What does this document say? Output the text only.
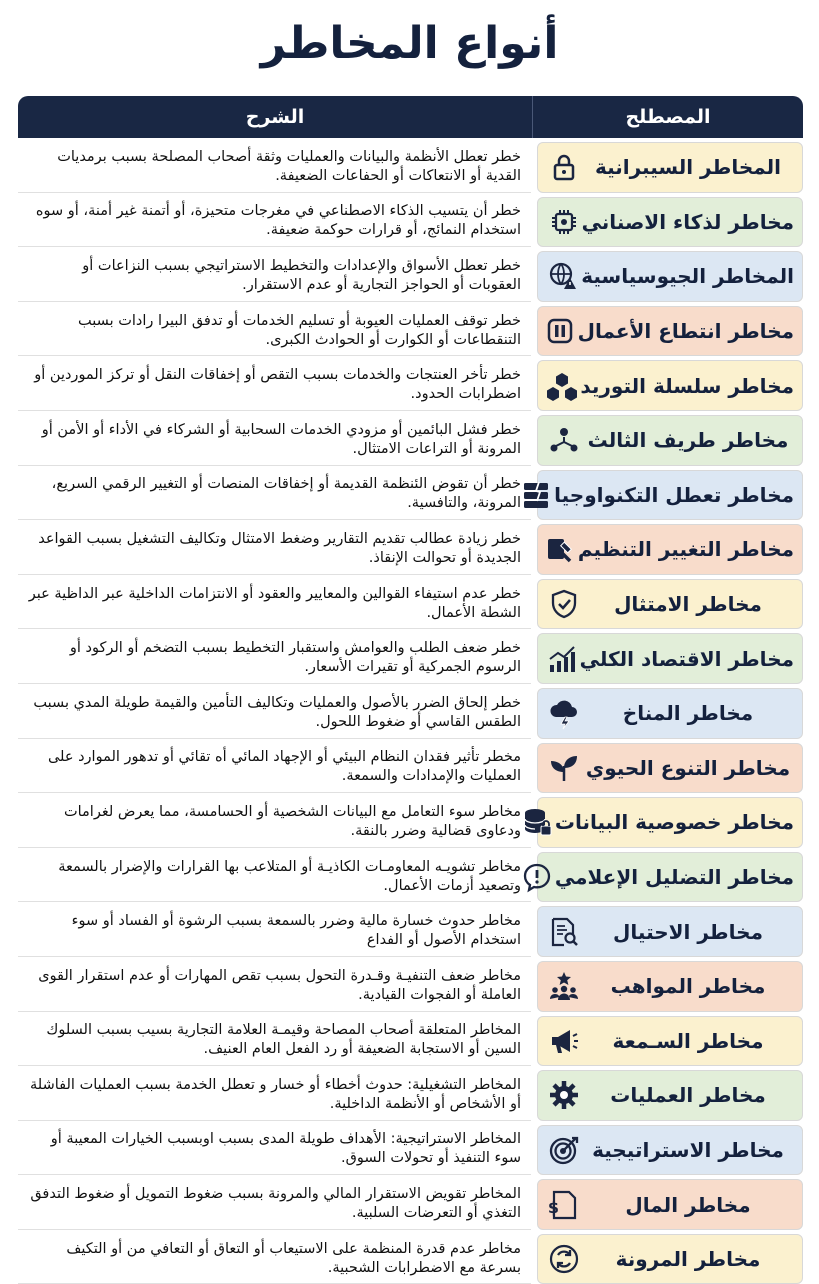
أنواع المخاطر
المصطلح
الشرح
المخاطر السيبرانية
خطر تعطل الأنظمة والبيانات والعمليات وثقة أصحاب المصلحة بسبب برمديات القدية أو الانتعاكات أو الحفاعات الضعيفة.
مخاطر لذكاء الاصناني
خطر أن يتسيب الذكاء الاصطناعي في مغرجات متحيزة، أو أتمنة غير أمنة، أو سوه استخدام النمائج، أو قرارات حوكمة ضعيفة.
المخاطر الجيوسياسية
خطر تعطل الأسواق والإعدادات والتخطيط الاستراتيجي بسبب النزاعات أو العقوبات أو الحواجز التجارية أو عدم الاستقرار.
مخاطر انتطاع الأعمال
خطر توقف العمليات العيوبة أو تسليم الخدمات أو تدفق البيرا رادات بسبب التنقطاعات أو الكوارت أو الحوادث الكبرى.
مخاطر سلسلة التوريد
خطر تأخر العنتجات والخدمات بسبب التقص أو إخفاقات النقل أو تركز الموردين أو اضطرابات الحدود.
مخاطر طريف الثالث
خطر فشل البائمين أو مزودي الخدمات السحابية أو الشركاء في الأداء أو الأمن أو المرونة أو التراعات الامتثال.
مخاطر تعطل التكنواوجيا
خطر أن تقوض الئنظمة القديمة أو إخفاقات المنصات أو التغيير الرقمي السريع، المرونة، والتافسية.
مخاطر التغيير التنظيم
خطر زيادة عطالب تقديم التقارير وضغط الامتثال وتكاليف التشغيل بسبب القواعد الجديدة أو تحوالت الإنقاذ.
مخاطر الامتثال
خطر عدم استيفاء القوالين والمعايير والعقود أو الانتزامات الداخلية عبر الداظية عبر الشطة الأعمال.
مخاطر الاقتصاد الكلي
خطر ضعف الطلب والعوامش واستقبار التخطيط بسبب التضخم أو الركود أو الرسوم الجمركية أو تقيرات الأسعار.
مخاطر المناخ
خطر إلحاق الضرر بالأصول والعمليات وتكاليف التأمين والقيمة طويلة المدي بسبب الطقس القاسي أو ضغوط اللحول.
مخاطر التنوع الحيوي
مخطر تأثير فقدان النظام البيئي أو الإجهاد المائي أه تقائي أو تدهور الموارد على العمليات والإمدادات والسمعة.
مخاطر خصوصية البيانات
مخاطر سوء التعامل مع البيانات الشخصية أو الحسامسة، مما يعرض لغرامات ودعاوى قضالية وضرر بالنقة.
مخاطر التضليل الإعلامي
مخاطر تشويـه المعاومـات الكاذيـة أو المتلاعب بها القرارات والإضرار بالسمعة وتصعيد أزمات الأعمال.
مخاطر الاحتيال
مخاطر حدوث خسارة مالية وضرر بالسمعة بسبب الرشوة أو الفساد أو سوء استخدام الأصول أو الفداع
مخاطر المواهب
مخاطر ضعف التنفيـة وقـدرة التحول بسبب تقص المهارات أو عدم استقرار القوى العاملة أو الفجوات القيادية.
مخاطر السـمعة
المخاطر المتعلقة أصحاب المصاحة وقيمـة العلامة التجارية بسيب بسبب السلوك السين أو الاستجابة الضعيفة أو رد الفعل العام العنيف.
مخاطر العمليات
المخاطر التشغيلية: حدوث أخطاء أو خسار و تعطل الخدمة بسبب العمليات الفاشلة أو الأشخاص أو الأنظمة الداخلية.
مخاطر الاستراتيجية
المخاطر الاستراتيجية: الأهداف طويلة المدى بسبب اوبسبب الخيارات المعيبة أو سوء التنفيذ أو تحولات السوق.
مخاطر المال
$
المخاطر تقويض الاستقرار المالي والمرونة بسبب ضغوط التمويل أو ضغوط التدفق التغذي أو التعرضات السلبية.
مخاطر المرونة
مخاطر عدم قدرة المنظمة على الاستيعاب أو التعاق أو التعافي من أو التكيف بسرعة مع الاضطرابات الشحبية.
